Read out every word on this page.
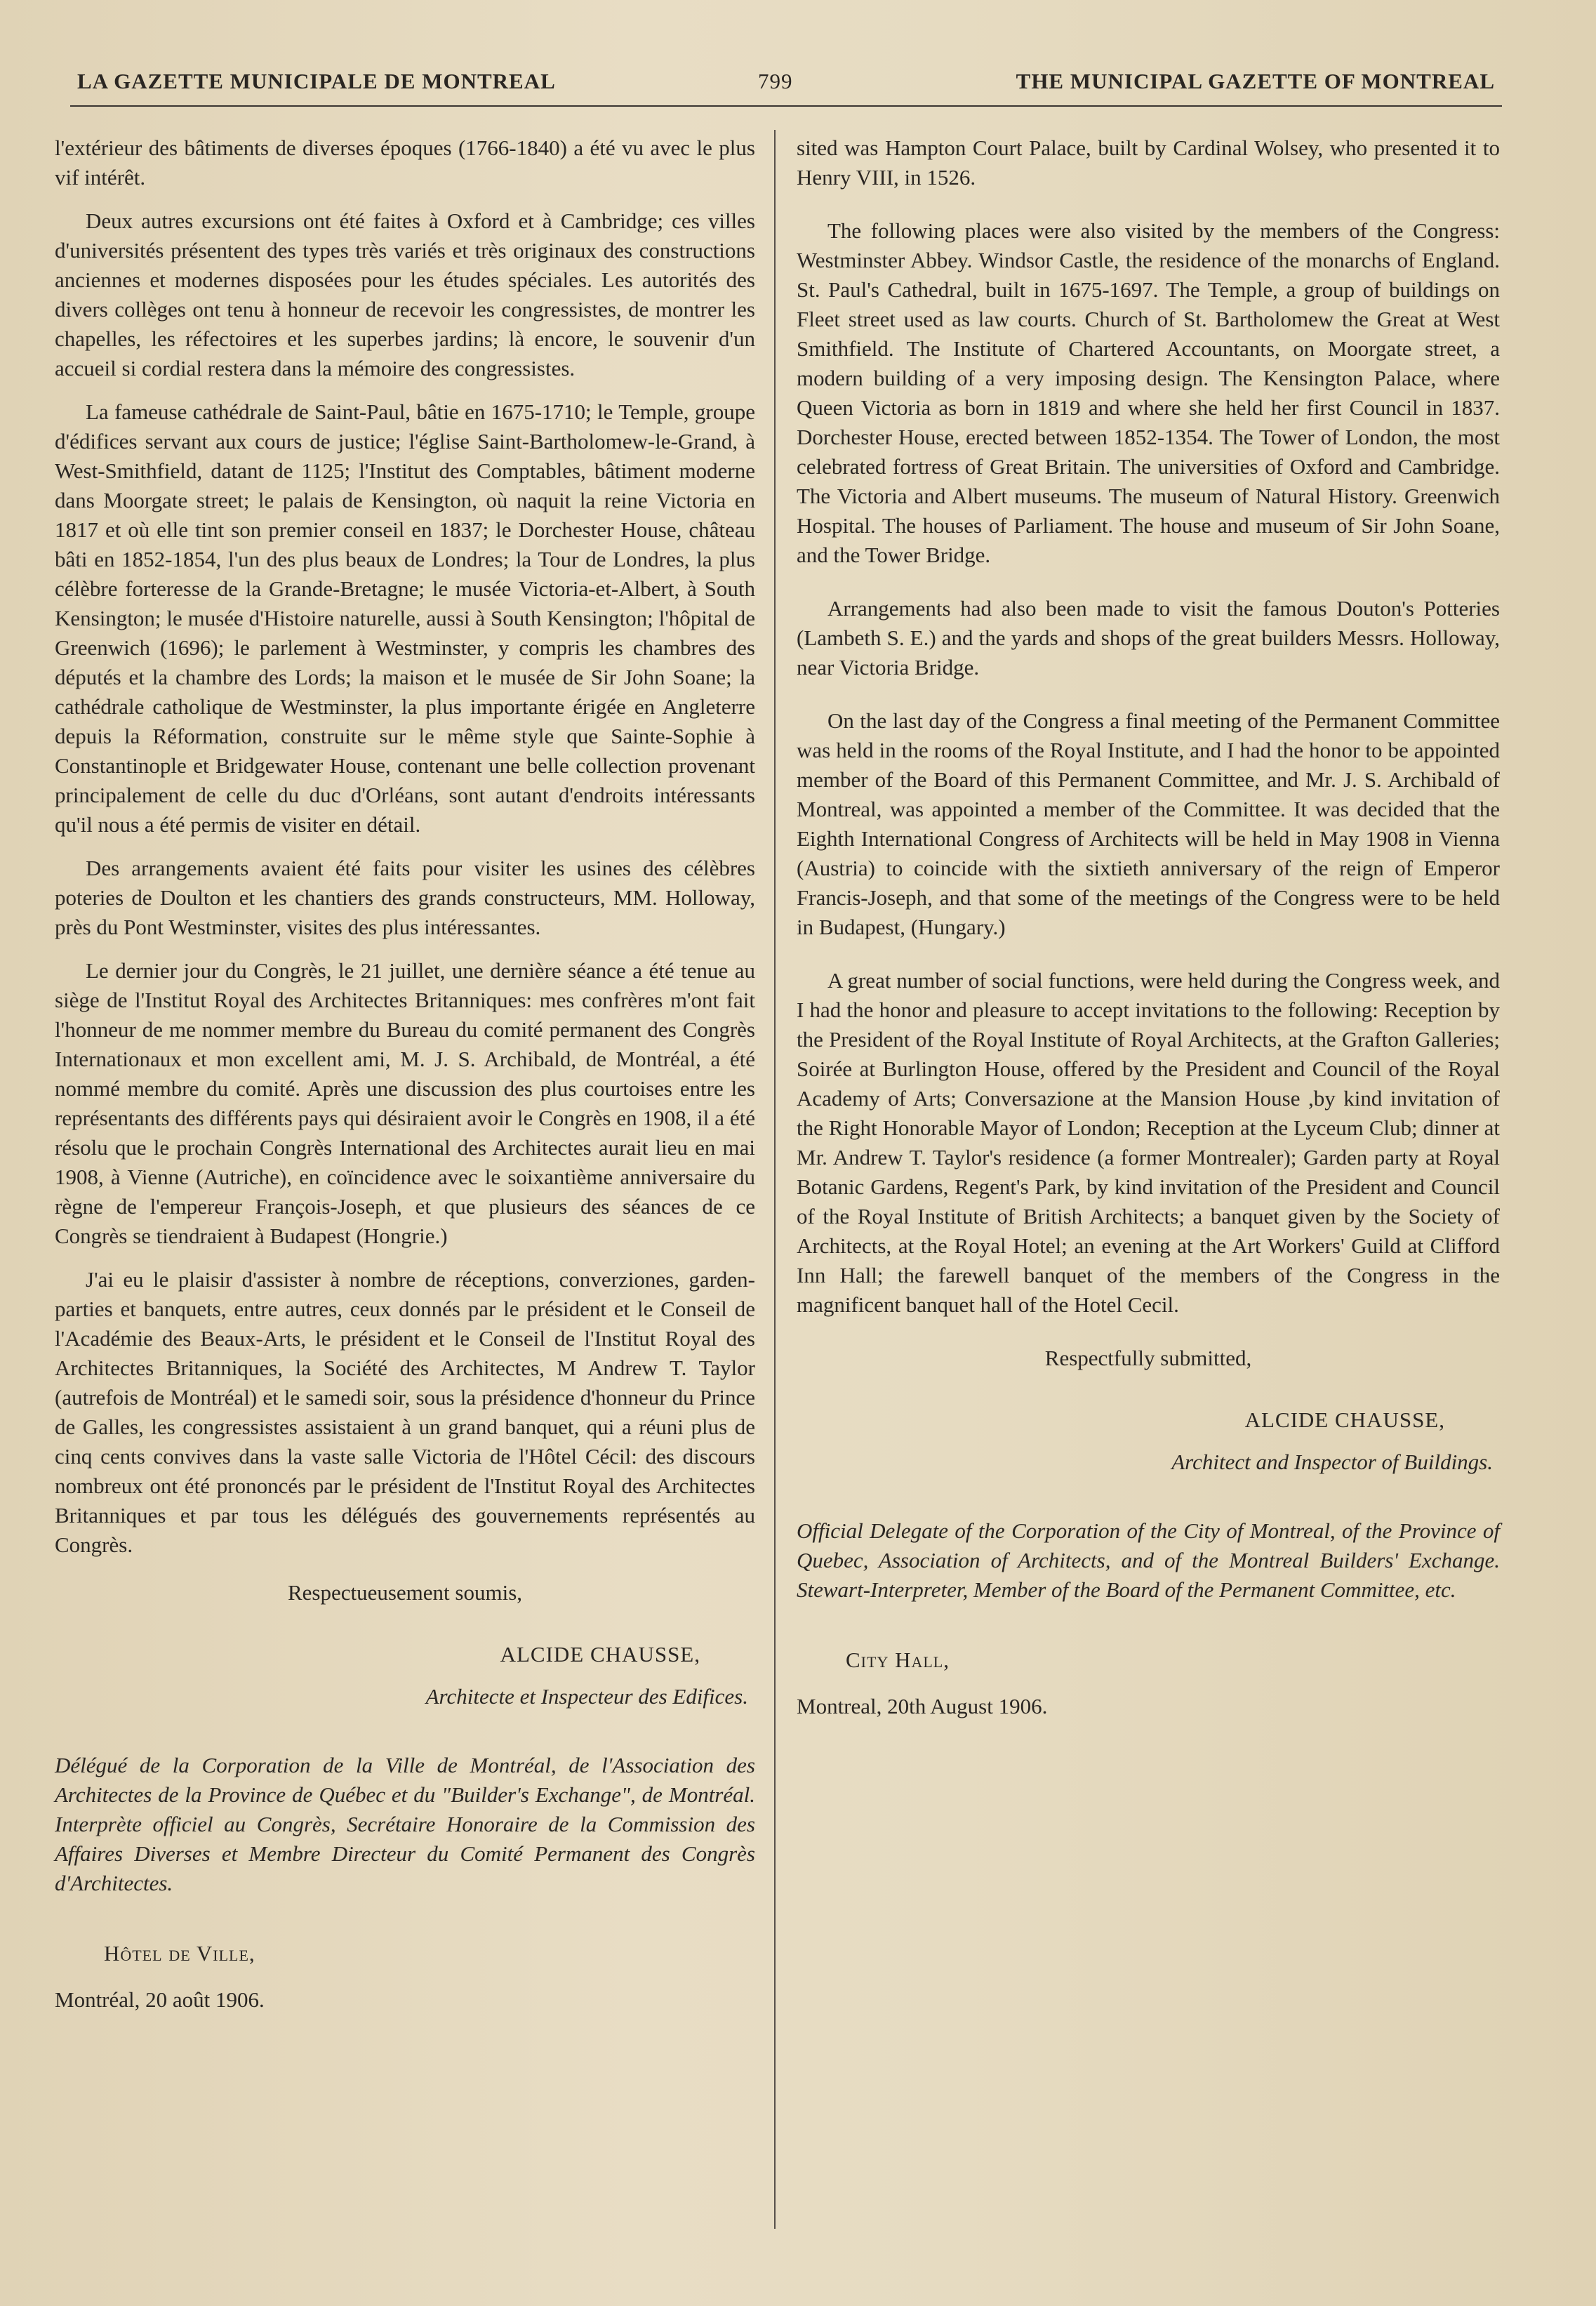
LA GAZETTE MUNICIPALE DE MONTREAL	799	THE MUNICIPAL GAZETTE OF MONTREAL

l'extérieur des bâtiments de diverses époques (1766-1840) a été vu avec le plus vif intérêt.

Deux autres excursions ont été faites à Oxford et à Cambridge; ces villes d'universités présentent des types très variés et très originaux des constructions anciennes et modernes disposées pour les études spéciales. Les autorités des divers collèges ont tenu à honneur de recevoir les congressistes, de montrer les chapelles, les réfectoires et les superbes jardins; là encore, le souvenir d'un accueil si cordial restera dans la mémoire des congressistes.

La fameuse cathédrale de Saint-Paul, bâtie en 1675-1710; le Temple, groupe d'édifices servant aux cours de justice; l'église Saint-Bartholomew-le-Grand, à West-Smithfield, datant de 1125; l'Institut des Comptables, bâtiment moderne dans Moorgate street; le palais de Kensington, où naquit la reine Victoria en 1817 et où elle tint son premier conseil en 1837; le Dorchester House, château bâti en 1852-1854, l'un des plus beaux de Londres; la Tour de Londres, la plus célèbre forteresse de la Grande-Bretagne; le musée Victoria-et-Albert, à South Kensington; le musée d'Histoire naturelle, aussi à South Kensington; l'hôpital de Greenwich (1696); le parlement à Westminster, y compris les chambres des députés et la chambre des Lords; la maison et le musée de Sir John Soane; la cathédrale catholique de Westminster, la plus importante érigée en Angleterre depuis la Réformation, construite sur le même style que Sainte-Sophie à Constantinople et Bridgewater House, contenant une belle collection provenant principalement de celle du duc d'Orléans, sont autant d'endroits intéressants qu'il nous a été permis de visiter en détail.

Des arrangements avaient été faits pour visiter les usines des célèbres poteries de Doulton et les chantiers des grands constructeurs, MM. Holloway, près du Pont Westminster, visites des plus intéressantes.

Le dernier jour du Congrès, le 21 juillet, une dernière séance a été tenue au siège de l'Institut Royal des Architectes Britanniques: mes confrères m'ont fait l'honneur de me nommer membre du Bureau du comité permanent des Congrès Internationaux et mon excellent ami, M. J. S. Archibald, de Montréal, a été nommé membre du comité. Après une discussion des plus courtoises entre les représentants des différents pays qui désiraient avoir le Congrès en 1908, il a été résolu que le prochain Congrès International des Architectes aurait lieu en mai 1908, à Vienne (Autriche), en coïncidence avec le soixantième anniversaire du règne de l'empereur François-Joseph, et que plusieurs des séances de ce Congrès se tiendraient à Budapest (Hongrie.)

J'ai eu le plaisir d'assister à nombre de réceptions, converziones, garden-parties et banquets, entre autres, ceux donnés par le président et le Conseil de l'Académie des Beaux-Arts, le président et le Conseil de l'Institut Royal des Architectes Britanniques, la Société des Architectes, M Andrew T. Taylor (autrefois de Montréal) et le samedi soir, sous la présidence d'honneur du Prince de Galles, les congressistes assistaient à un grand banquet, qui a réuni plus de cinq cents convives dans la vaste salle Victoria de l'Hôtel Cécil: des discours nombreux ont été prononcés par le président de l'Institut Royal des Architectes Britanniques et par tous les délégués des gouvernements représentés au Congrès.

Respectueusement soumis,
ALCIDE CHAUSSE,
Architecte et Inspecteur des Edifices.

Délégué de la Corporation de la Ville de Montréal, de l'Association des Architectes de la Province de Québec et du "Builder's Exchange", de Montréal. Interprète officiel au Congrès, Secrétaire Honoraire de la Commission des Affaires Diverses et Membre Directeur du Comité Permanent des Congrès d'Architectes.

Hôtel de Ville,
Montréal, 20 août 1906.

sited was Hampton Court Palace, built by Cardinal Wolsey, who presented it to Henry VIII, in 1526.

The following places were also visited by the members of the Congress: Westminster Abbey. Windsor Castle, the residence of the monarchs of England. St. Paul's Cathedral, built in 1675-1697. The Temple, a group of buildings on Fleet street used as law courts. Church of St. Bartholomew the Great at West Smithfield. The Institute of Chartered Accountants, on Moorgate street, a modern building of a very imposing design. The Kensington Palace, where Queen Victoria as born in 1819 and where she held her first Council in 1837. Dorchester House, erected between 1852-1354. The Tower of London, the most celebrated fortress of Great Britain. The universities of Oxford and Cambridge. The Victoria and Albert museums. The museum of Natural History. Greenwich Hospital. The houses of Parliament. The house and museum of Sir John Soane, and the Tower Bridge.

Arrangements had also been made to visit the famous Douton's Potteries (Lambeth S. E.) and the yards and shops of the great builders Messrs. Holloway, near Victoria Bridge.

On the last day of the Congress a final meeting of the Permanent Committee was held in the rooms of the Royal Institute, and I had the honor to be appointed member of the Board of this Permanent Committee, and Mr. J. S. Archibald of Montreal, was appointed a member of the Committee. It was decided that the Eighth International Congress of Architects will be held in May 1908 in Vienna (Austria) to coincide with the sixtieth anniversary of the reign of Emperor Francis-Joseph, and that some of the meetings of the Congress were to be held in Budapest, (Hungary.)

A great number of social functions, were held during the Congress week, and I had the honor and pleasure to accept invitations to the following: Reception by the President of the Royal Institute of Royal Architects, at the Grafton Galleries; Soirée at Burlington House, offered by the President and Council of the Royal Academy of Arts; Conversazione at the Mansion House ,by kind invitation of the Right Honorable Mayor of London; Reception at the Lyceum Club; dinner at Mr. Andrew T. Taylor's residence (a former Montrealer); Garden party at Royal Botanic Gardens, Regent's Park, by kind invitation of the President and Council of the Royal Institute of British Architects; a banquet given by the Society of Architects, at the Royal Hotel; an evening at the Art Workers' Guild at Clifford Inn Hall; the farewell banquet of the members of the Congress in the magnificent banquet hall of the Hotel Cecil.

Respectfully submitted,
ALCIDE CHAUSSE,
Architect and Inspector of Buildings.

Official Delegate of the Corporation of the City of Montreal, of the Province of Quebec, Association of Architects, and of the Montreal Builders' Exchange. Stewart-Interpreter, Member of the Board of the Permanent Committee, etc.

City Hall,
Montreal, 20th August 1906.
